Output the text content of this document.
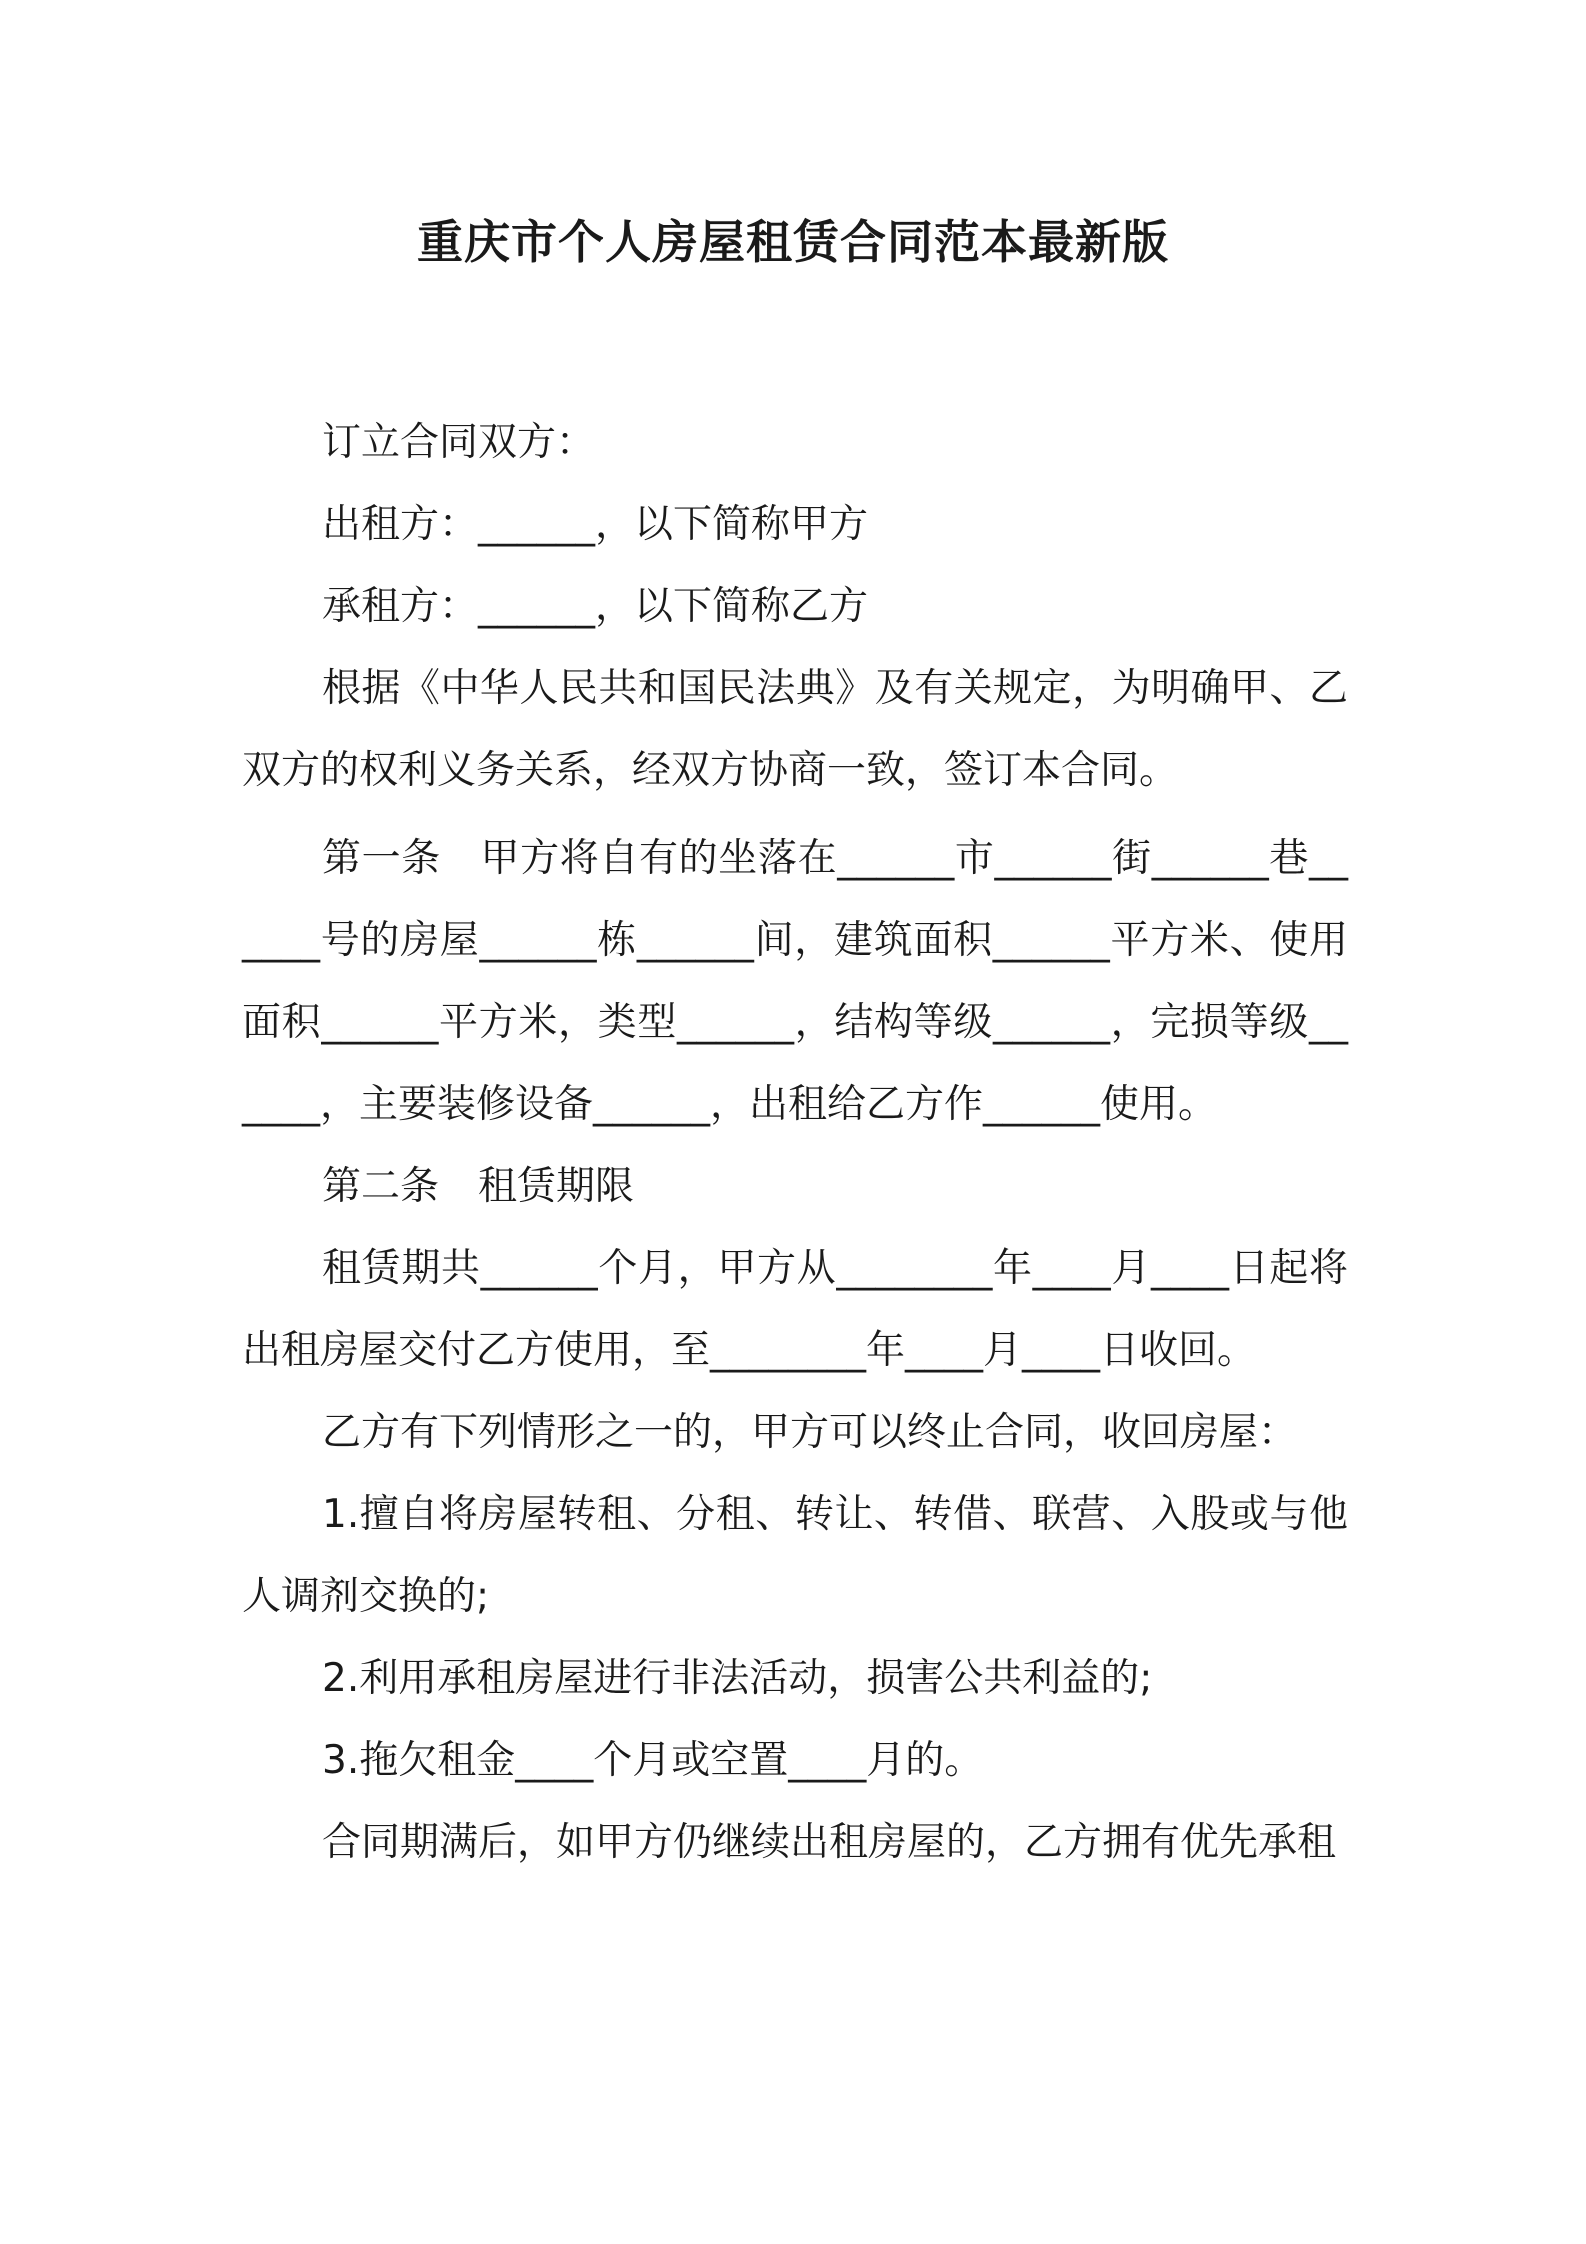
重庆市个人房屋租赁合同范本最新版

订立合同双方：

出租方：______，以下简称甲方

承租方：______，以下简称乙方

根据《中华人民共和国民法典》及有关规定，为明确甲、乙双方的权利义务关系，经双方协商一致，签订本合同。

第一条　甲方将自有的坐落在______市______街______巷______号的房屋______栋______间，建筑面积______平方米、使用面积______平方米，类型______，结构等级______，完损等级______，主要装修设备______，出租给乙方作______使用。

第二条　租赁期限

租赁期共______个月，甲方从________年____月____日起将出租房屋交付乙方使用，至________年____月____日收回。

乙方有下列情形之一的，甲方可以终止合同，收回房屋：

1.擅自将房屋转租、分租、转让、转借、联营、入股或与他人调剂交换的;

2.利用承租房屋进行非法活动，损害公共利益的;

3.拖欠租金____个月或空置____月的。

合同期满后，如甲方仍继续出租房屋的，乙方拥有优先承租
